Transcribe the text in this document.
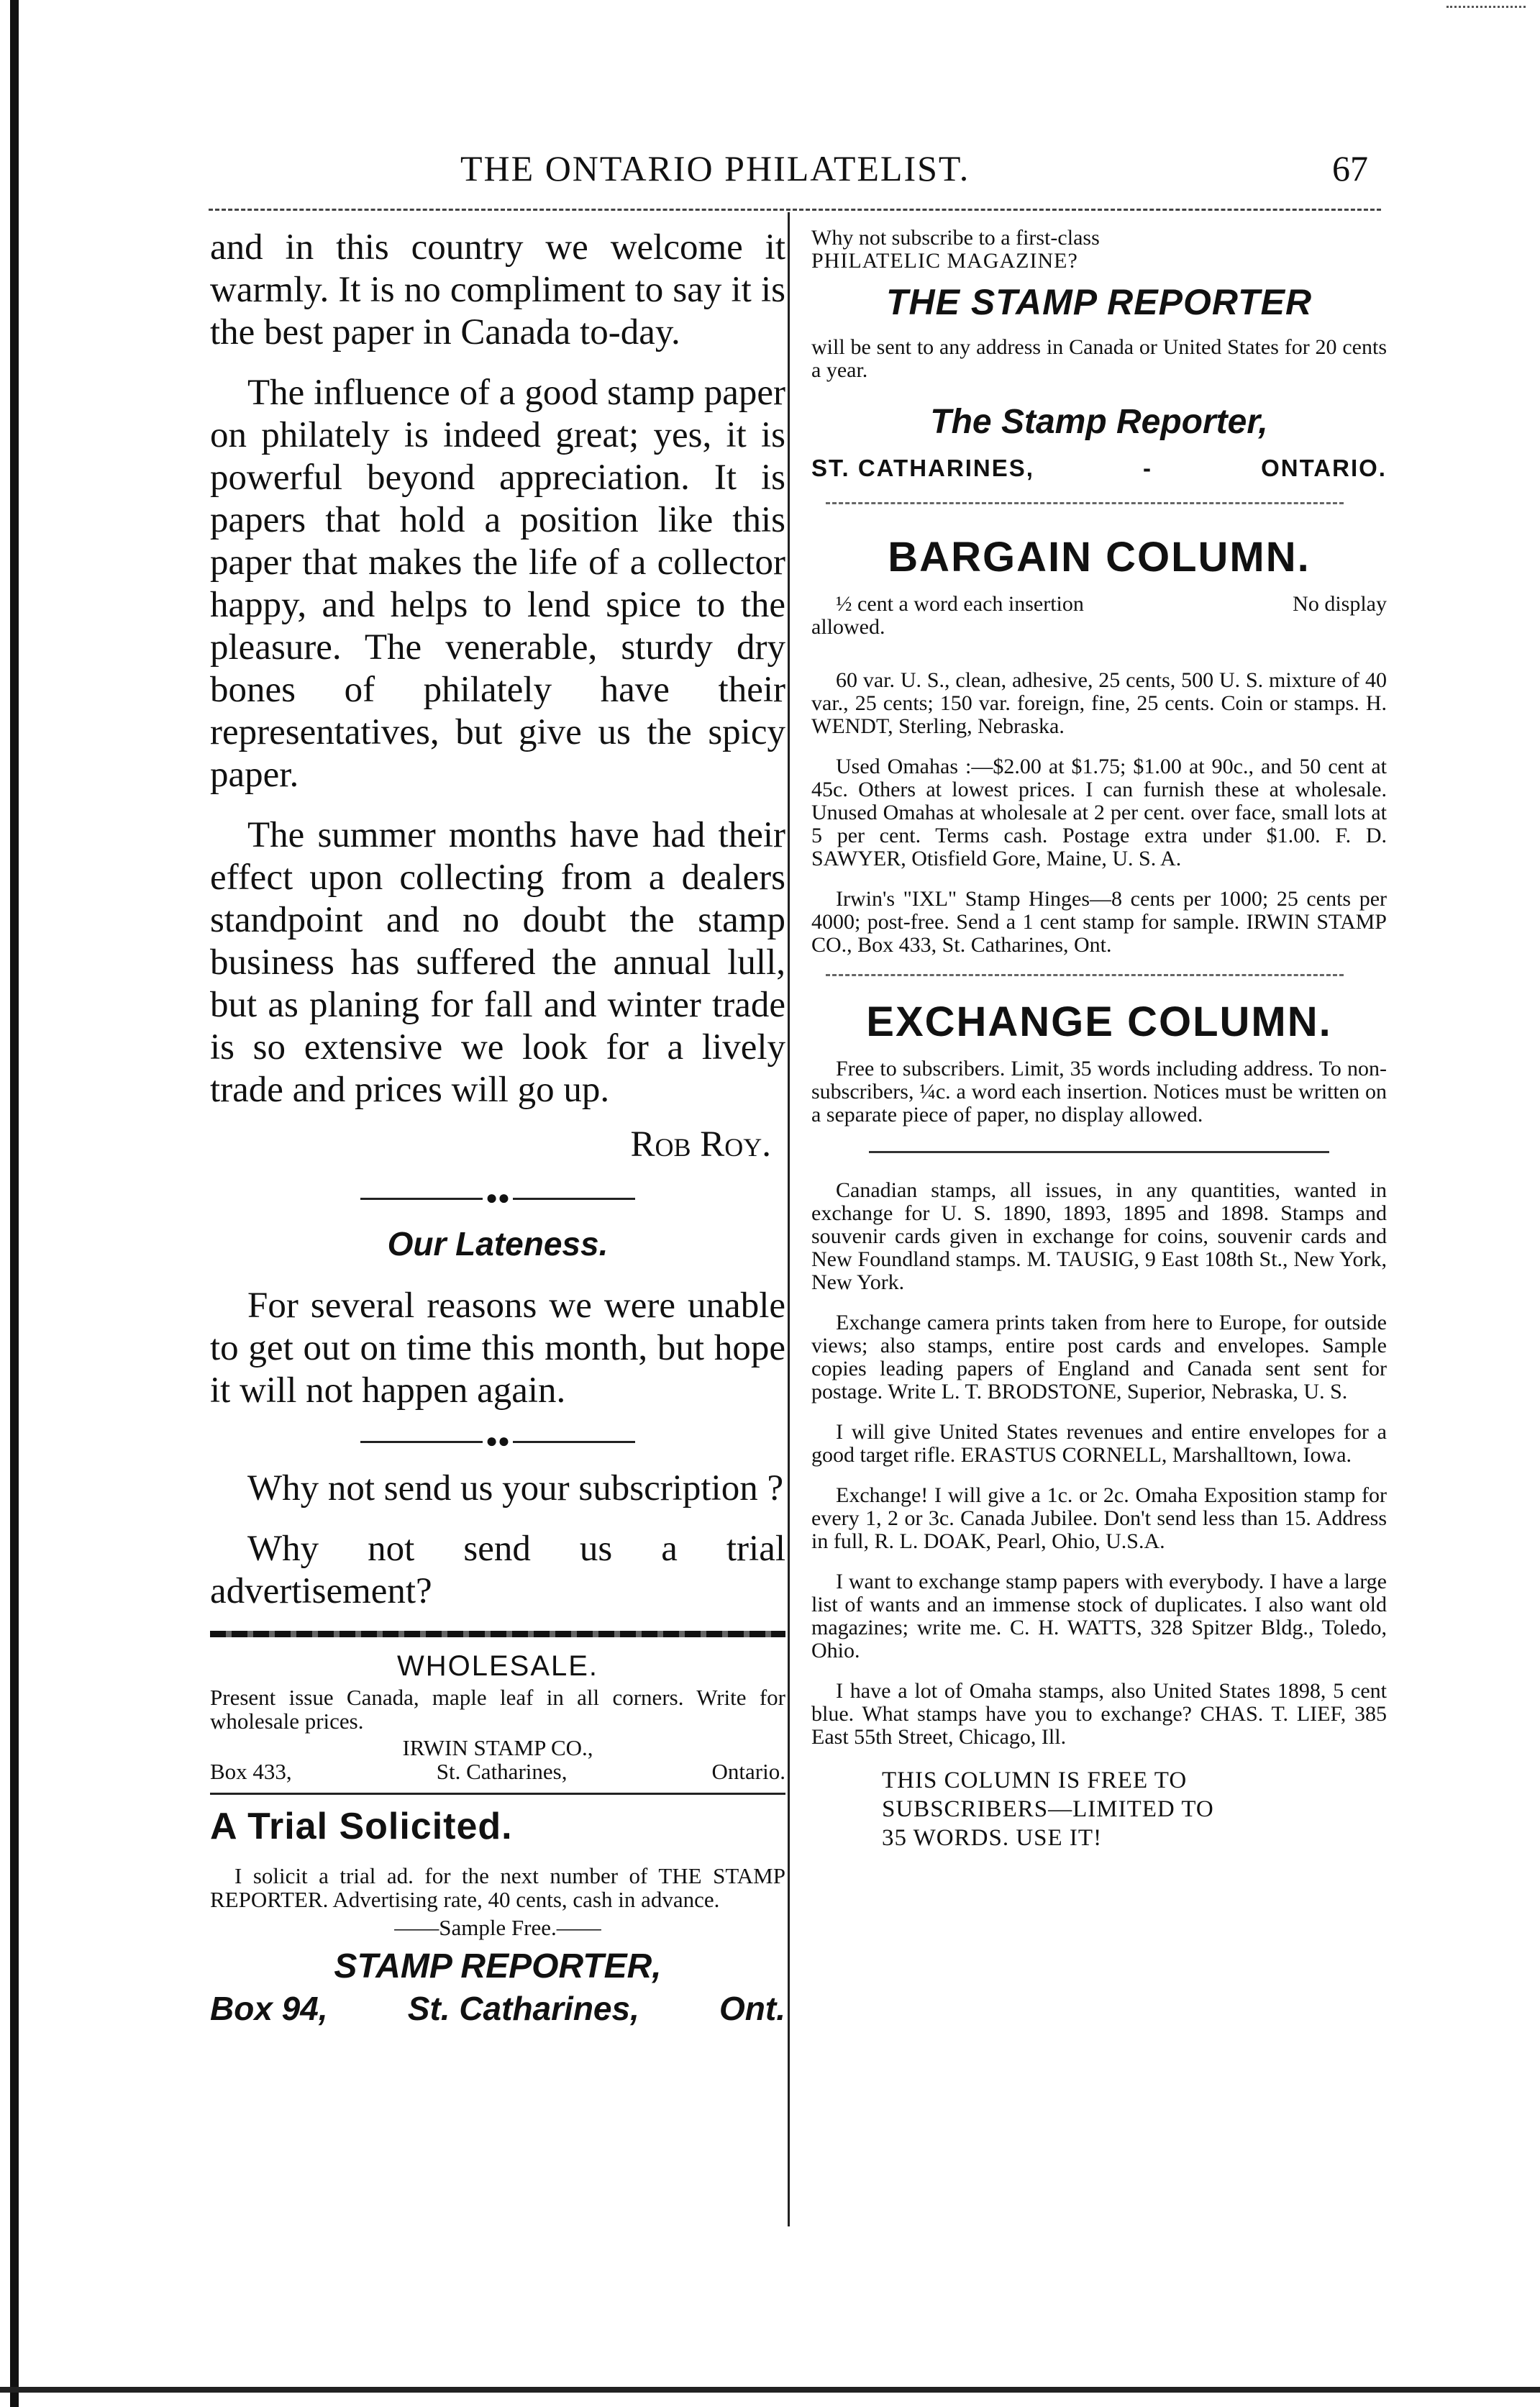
THE ONTARIO PHILATELIST.	67

and in this country we welcome it warmly. It is no compliment to say it is the best paper in Canada to-day.

The influence of a good stamp paper on philately is indeed great; yes, it is powerful beyond appreciation. It is papers that hold a position like this paper that makes the life of a collector happy, and helps to lend spice to the pleasure. The venerable, sturdy dry bones of philately have their representatives, but give us the spicy paper.

The summer months have had their effect upon collecting from a dealers standpoint and no doubt the stamp business has suffered the annual lull, but as planing for fall and winter trade is so extensive we look for a lively trade and prices will go up.

Rob Roy.
●●
Our Lateness.

For several reasons we were unable to get out on time this month, but hope it will not happen again.

●●

Why not send us your subscription ?

Why not send us a trial advertisement?

WHOLESALE.

Present issue Canada, maple leaf in all corners. Write for wholesale prices.

IRWIN STAMP CO.,

Box 433,	St. Catharines,	Ontario.
A Trial Solicited.

I solicit a trial ad. for the next number of THE STAMP REPORTER. Advertising rate, 40 cents, cash in advance.

——Sample Free.——

STAMP REPORTER,
Box 94, St. Catharines, Ont.

Why not subscribe to a first-class

PHILATELIC MAGAZINE?

THE STAMP REPORTER

will be sent to any address in Canada or United States for 20 cents a year.

The Stamp Reporter,
ST. CATHARINES,	-	ONTARIO.
BARGAIN COLUMN.
½ cent a word each insertion	No display

allowed.

60 var. U. S., clean, adhesive, 25 cents, 500 U. S. mixture of 40 var., 25 cents; 150 var. foreign, fine, 25 cents. Coin or stamps. H. WENDT, Sterling, Nebraska.

Used Omahas :—$2.00 at $1.75; $1.00 at 90c., and 50 cent at 45c. Others at lowest prices. I can furnish these at wholesale. Unused Omahas at wholesale at 2 per cent. over face, small lots at 5 per cent. Terms cash. Postage extra under $1.00. F. D. SAWYER, Otisfield Gore, Maine, U. S. A.

Irwin's "IXL" Stamp Hinges—8 cents per 1000; 25 cents per 4000; post-free. Send a 1 cent stamp for sample. IRWIN STAMP CO., Box 433, St. Catharines, Ont.

EXCHANGE COLUMN.

Free to subscribers. Limit, 35 words including address. To non-subscribers, ¼c. a word each insertion. Notices must be written on a separate piece of paper, no display allowed.

Canadian stamps, all issues, in any quantities, wanted in exchange for U. S. 1890, 1893, 1895 and 1898. Stamps and souvenir cards given in exchange for coins, souvenir cards and New Foundland stamps. M. TAUSIG, 9 East 108th St., New York, New York.

Exchange camera prints taken from here to Europe, for outside views; also stamps, entire post cards and envelopes. Sample copies leading papers of England and Canada sent sent for postage. Write L. T. BRODSTONE, Superior, Nebraska, U. S.

I will give United States revenues and entire envelopes for a good target rifle. ERASTUS CORNELL, Marshalltown, Iowa.

Exchange! I will give a 1c. or 2c. Omaha Exposition stamp for every 1, 2 or 3c. Canada Jubilee. Don't send less than 15. Address in full, R. L. DOAK, Pearl, Ohio, U.S.A.

I want to exchange stamp papers with everybody. I have a large list of wants and an immense stock of duplicates. I also want old magazines; write me. C. H. WATTS, 328 Spitzer Bldg., Toledo, Ohio.

I have a lot of Omaha stamps, also United States 1898, 5 cent blue. What stamps have you to exchange? CHAS. T. LIEF, 385 East 55th Street, Chicago, Ill.

THIS COLUMN IS FREE TO
SUBSCRIBERS—LIMITED TO
35 WORDS. USE IT!
